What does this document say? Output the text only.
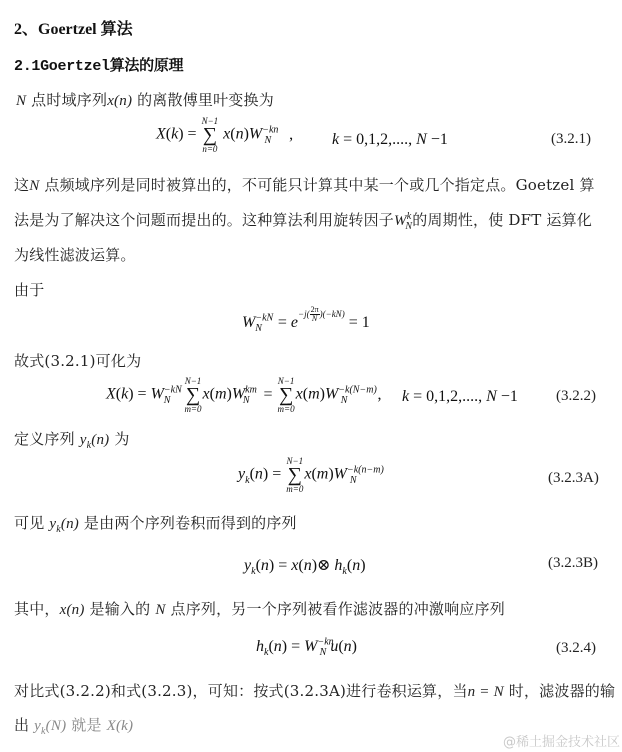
2、Goertzel 算法
2.1Goertzel算法的原理
N 点时域序列x(n) 的离散傅里叶变换为
X(k) =
N−1
∑
n=0
$x(n)W^{-kn}_N$ , k = 0,1,2,...., N −1	(3.2.1)
这N 点频域序列是同时被算出的，不可能只计算其中某一个或几个指定点。Goetzel 算
法是为了解决这个问题而提出的。这种算法利用旋转因子$W^k_N$的周期性，使 DFT 运算化
为线性滤波运算。
由于
$W^{-kN}_N = e^{-j( \frac{2\pi}{N} )(-kN)} = 1$
故式(3.2.1)可化为
$X(k) = W^{-kN}_N$
N−1
∑
m=0
$x(m)W^{km}_N$ =
N−1
∑
m=0
$x(m)W^{-k(N-m)}_N$ , k = 0,1,2,...., N −1	(3.2.2)
定义序列 $y_k(n)$ 为
$y_k(n)$ =
N−1
∑
m=0
$x(m)W^{-k(n-m)}_N$	(3.2.3A)
可见 $y_k(n)$ 是由两个序列卷积而得到的序列
$y_k(n)$ = x(n)⊗ $h_k(n)$	(3.2.3B)
其中，x(n) 是输入的 N 点序列，另一个序列被看作滤波器的冲激响应序列
$h_k(n) = W^{-kn}_N$ u(n)	(3.2.4)
对比式(3.2.2)和式(3.2.3)，可知：按式(3.2.3A)进行卷积运算，当n = N 时，滤波器的输
出 $y_k(N)$ 就是 X(k)
@稀土掘金技术社区
